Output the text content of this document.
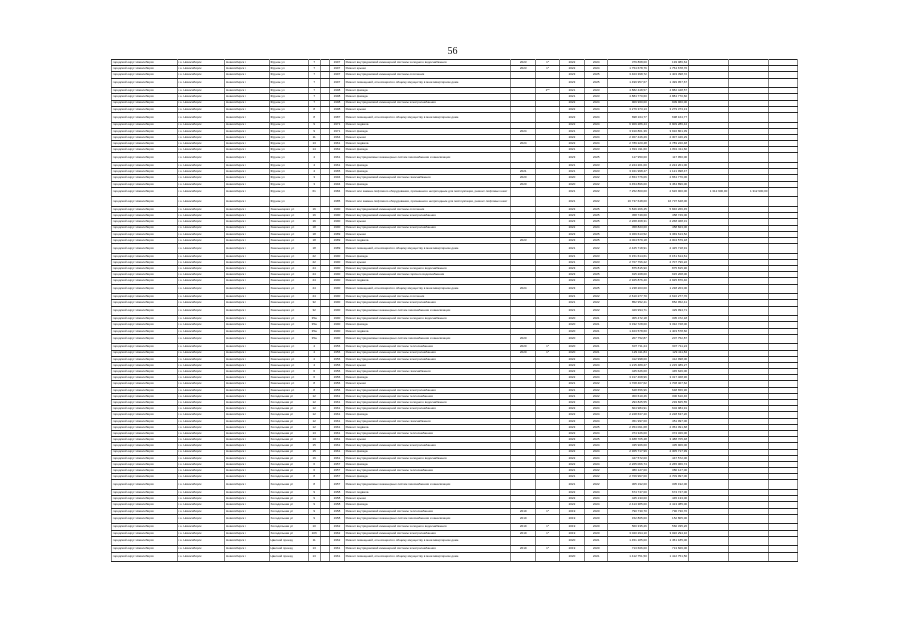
56
городской округ Новосибирск	г.о. Новосибирск	Новосибирск г	Фрунзе ул	7		1997	Ремонт внутридомовой инженерной системы холодного водоснабжения	2023	1*	2022	2024	379 868,00	193 086,64			
городской округ Новосибирск	г.о. Новосибирск	Новосибирск г	Фрунзе ул	7		1997	Ремонт крыши	2023	1*	2022	2024	1 754 678,76	1 754 678,76			
городской округ Новосибирск	г.о. Новосибирск	Новосибирск г	Фрунзе ул	7		1997	Ремонт внутридомовой инженерной системы отопления			2023	2025	3 403 398,72	1 403 398,72			
городской округ Новосибирск	г.о. Новосибирск	Новосибирск г	Фрунзе ул	7		1997	Ремонт помещений, относящихся к общему имуществу в многоквартирном доме			2023	2025	1 499 957,67	1 499 957,67			
городской округ Новосибирск	г.о. Новосибирск	Новосибирск г	Фрунзе ул	7		1998	Ремонт фасада		1**	2021	2023	4 882 448,57	4 882 448,57			
городской округ Новосибирск	г.о. Новосибирск	Новосибирск г	Фрунзе ул	7		1998	Ремонт фасада			2021	2023	4 884 770,60	4 884 770,60			
городской округ Новосибирск	г.о. Новосибирск	Новосибирск г	Фрунзе ул	7		1998	Ремонт внутридомовой инженерной системы электроснабжения			2022	2024	909 960,00	909 960,00			
городской округ Новосибирск	г.о. Новосибирск	Новосибирск г	Фрунзе ул	8		1998	Ремонт крыши			2022	2024	3 279 373,13	3 279 373,13			
городской округ Новосибирск	г.о. Новосибирск	Новосибирск г	Фрунзе ул	8		1987	Ремонт помещений, относящихся к общему имуществу в многоквартирном доме			2022	2024	698 164,77	698 164,77			
городской округ Новосибирск	г.о. Новосибирск	Новосибирск г	Фрунзе ул	9		1971	Ремонт подвала			2022	2024	6 909 286,44	6 909 286,44			
городской округ Новосибирск	г.о. Новосибирск	Новосибирск г	Фрунзе ул	9		1971	Ремонт фасада	2024		2021	2023	3 910 801,39	3 910 801,39			
городской округ Новосибирск	г.о. Новосибирск	Новосибирск г	Фрунзе ул	11		1964	Ремонт крыши			2022	2024	2 307 446,29	2 307 446,29			
городской округ Новосибирск	г.о. Новосибирск	Новосибирск г	Фрунзе ул	13		1961	Ремонт подвала	2024		2022	2024	2 789 220,48	2 789 220,48			
городской округ Новосибирск	г.о. Новосибирск	Новосибирск г	Фрунзе ул	14		1962	Ремонт фасада			2021	2023	1 891 311,60	1 891 311,60			
городской округ Новосибирск	г.о. Новосибирск	Новосибирск г	Фрунзе ул	4		1961	Ремонт внутридомовых инженерных систем газоснабжения и канализации			2023	2025	117 950,00	117 950,00			
городской округ Новосибирск	г.о. Новосибирск	Новосибирск г	Фрунзе ул	4		1961	Ремонт фасада			2021	2023	2 224 201,00	2 224 201,00			
городской округ Новосибирск	г.о. Новосибирск	Новосибирск г	Фрунзе ул	4		1965	Ремонт фасада	2021		2021	2023	3 321 998,47	1 121 998,47			
городской округ Новосибирск	г.о. Новосибирск	Новосибирск г	Фрунзе ул	3		1994	Ремонт внутридомовой инженерной системы газоснабжения	2020		2020	2022	2 654 776,06	2 654 776,06			
городской округ Новосибирск	г.о. Новосибирск	Новосибирск г	Фрунзе ул	3		1994	Ремонт фасада	2020		2020	2022	3 454 896,00	3 454 896,00			
городской округ Новосибирск	г.о. Новосибирск	Новосибирск г	Фрунзе ул	61		1984	Ремонт или замена лифтового оборудования, признанного непригодным для эксплуатации, ремонт лифтовых шахт			2021	2022	7 252 800,00	2 626 900,00	1 312 900,00	1 312 900,00	
городской округ Новосибирск	г.о. Новосибирск	Новосибирск г	Фрунзе ул			1985	Ремонт или замена лифтового оборудования, признанного непригодным для эксплуатации, ремонт лифтовых шахт			2021	2022	16 737 648,00	16 737 648,00			
городской округ Новосибирск	г.о. Новосибирск	Новосибирск г	Хмельницкого ул	16		1990	Ремонт внутридомовой инженерной системы отопления			2023	2025	5 846 266,45	5 846 266,45			
городской округ Новосибирск	г.о. Новосибирск	Новосибирск г	Хмельницкого ул	16		1990	Ремонт внутридомовой инженерной системы электроснабжения			2023	2025	458 749,00	458 749,00			
городской округ Новосибирск	г.о. Новосибирск	Новосибирск г	Хмельницкого ул	16		1990	Ремонт крыши			2023	2025	2 268 468,31	2 268 468,31			
городской округ Новосибирск	г.о. Новосибирск	Новосибирск г	Хмельницкого ул	18		1990	Ремонт внутридомовой инженерной системы электроснабжения			2022	2024	458 823,00	458 823,00			
городской округ Новосибирск	г.о. Новосибирск	Новосибирск г	Хмельницкого ул	18		1989	Ремонт крыши			2023	2025	3 369 613,52	3 369 613,52			
городской округ Новосибирск	г.о. Новосибирск	Новосибирск г	Хмельницкого ул	18		1989	Ремонт подвала	2023		2023	2025	4 004 579,18	4 004 579,18			
городской округ Новосибирск	г.о. Новосибирск	Новосибирск г	Хмельницкого ул	18		1989	Ремонт помещений, относящихся к общему имуществу в многоквартирном доме			2021	2022	2 425 718,91	2 425 718,91			
городской округ Новосибирск	г.о. Новосибирск	Новосибирск г	Хмельницкого ул	22		1990	Ремонт фасада			2021	2023	6 151 614,61	6 151 614,61			
городской округ Новосибирск	г.о. Новосибирск	Новосибирск г	Хмельницкого ул	22		1990	Ремонт крыши			2021	2023	2 707 796,22	2 707 796,22			
городской округ Новосибирск	г.о. Новосибирск	Новосибирск г	Хмельницкого ул	24		1990	Ремонт внутридомовой инженерной системы холодного водоснабжения			2023	2025	875 815,90	875 815,90			
городской округ Новосибирск	г.о. Новосибирск	Новосибирск г	Хмельницкого ул	24		1990	Ремонт внутридомовой инженерной системы горячего водоснабжения			2023	2025	915 208,00	915 208,00			
городской округ Новосибирск	г.о. Новосибирск	Новосибирск г	Хмельницкого ул	24		1990	Ремонт подвала			2022	2024	2 925 876,40	2 925 876,40			
городской округ Новосибирск	г.о. Новосибирск	Новосибирск г	Хмельницкого ул	24		1990	Ремонт помещений, относящихся к общему имуществу в многоквартирном доме	2024		2023	2025	1 238 203,00	1 238 203,00			
городской округ Новосибирск	г.о. Новосибирск	Новосибирск г	Хмельницкого ул	24		1990	Ремонт внутридомовой инженерной системы отопления			2021	2022	2 610 277,70	2 610 277,70			
городской округ Новосибирск	г.о. Новосибирск	Новосибирск г	Хмельницкого ул	32		1990	Ремонт внутридомовой инженерной системы электроснабжения			2021	2022	852 952,41	852 952,41			
городской округ Новосибирск	г.о. Новосибирск	Новосибирск г	Хмельницкого ул	32		1990	Ремонт внутридомовых инженерных систем газоснабжения и канализации			2021	2022	429 994,71	429 994,71			
городской округ Новосибирск	г.о. Новосибирск	Новосибирск г	Хмельницкого ул	35а		1990	Ремонт внутридомовой инженерной системы холодного водоснабжения			2020	2021	305 472,18	305 472,18			
городской округ Новосибирск	г.о. Новосибирск	Новосибирск г	Хмельницкого ул	35а		1990	Ремонт фасада			2020	2021	3 332 728,00	3 332 728,00			
городской округ Новосибирск	г.о. Новосибирск	Новосибирск г	Хмельницкого ул	35а		1990	Ремонт подвала			2020	2021	1 403 578,60	1 403 578,60			
городской округ Новосибирск	г.о. Новосибирск	Новосибирск г	Хмельницкого ул	35а		1990	Ремонт внутридомовых инженерных систем газоснабжения и канализации	2020		2020	2021	207 752,87	207 752,87			
городской округ Новосибирск	г.о. Новосибирск	Новосибирск г	Хмельницкого ул	4		1956	Ремонт внутридомовой инженерной системы теплоснабжения	2020	1*	2020	2021	607 711,24	607 711,24			
городской округ Новосибирск	г.о. Новосибирск	Новосибирск г	Хмельницкого ул	4		1956	Ремонт внутридомовой инженерной системы электроснабжения	2020	1*	2020	2021	129 411,84	129 411,84			
городской округ Новосибирск	г.о. Новосибирск	Новосибирск г	Хмельницкого ул	4		1956	Ремонт внутридомовой инженерной системы электроснабжения			2022	2024	412 998,00	412 998,00			
городской округ Новосибирск	г.о. Новосибирск	Новосибирск г	Хмельницкого ул	4		1956	Ремонт крыши			2022	2024	1 215 489,27	1 215 489,27			
городской округ Новосибирск	г.о. Новосибирск	Новосибирск г	Хмельницкого ул	6		1956	Ремонт внутридомовой инженерной системы газоснабжения			2022	2024	445 626,00	445 626,00			
городской округ Новосибирск	г.о. Новосибирск	Новосибирск г	Хмельницкого ул	6		1956	Ремонт фасада			2022	2024	3 317 468,96	3 317 468,96			
городской округ Новосибирск	г.о. Новосибирск	Новосибирск г	Хмельницкого ул	8		1956	Ремонт крыши			2021	2022	1 708 407,62	1 708 407,62			
городской округ Новосибирск	г.о. Новосибирск	Новосибирск г	Хмельницкого ул	8		1956	Ремонт внутридомовой инженерной системы электроснабжения			2021	2022	648 656,96	648 656,96			
городской округ Новосибирск	г.о. Новосибирск	Новосибирск г	Холодильная ул	12		1961	Ремонт внутридомовой инженерной системы теплоснабжения			2021	2022	300 610,46	300 610,46			
городской округ Новосибирск	г.о. Новосибирск	Новосибирск г	Холодильная ул	12		1961	Ремонт внутридомовой инженерной системы холодного водоснабжения			2022	2024	293 825,55	293 825,55			
городской округ Новосибирск	г.о. Новосибирск	Новосибирск г	Холодильная ул	12		1961	Ремонт внутридомовой инженерной системы электроснабжения			2022	2024	604 984,91	604 984,91			
городской округ Новосибирск	г.о. Новосибирск	Новосибирск г	Холодильная ул	12		1961	Ремонт фасада			2022	2024	2 228 637,20	2 228 637,20			
городской округ Новосибирск	г.о. Новосибирск	Новосибирск г	Холодильная ул	12		1961	Ремонт внутридомовой инженерной системы газоснабжения			2022	2024	451 997,00	451 997,00			
городской округ Новосибирск	г.о. Новосибирск	Новосибирск г	Холодильная ул	12		1961	Ремонт подвала			2023	2025	2 354 091,68	2 354 091,68			
городской округ Новосибирск	г.о. Новосибирск	Новосибирск г	Холодильная ул	13		1961	Ремонт внутридомовой инженерной системы теплоснабжения			2022	2024	374 326,00	374 326,00			
городской округ Новосибирск	г.о. Новосибирск	Новосибирск г	Холодильная ул	13		1961	Ремонт крыши			2023	2025	3 488 705,48	3 488 705,48			
городской округ Новосибирск	г.о. Новосибирск	Новосибирск г	Холодильная ул	15		1961	Ремонт внутридомовой инженерной системы электроснабжения			2022	2024	435 906,00	435 906,00			
городской округ Новосибирск	г.о. Новосибирск	Новосибирск г	Холодильная ул	15		1961	Ремонт фасада			2022	2024	2 305 717,99	2 305 717,99			
городской округ Новосибирск	г.о. Новосибирск	Новосибирск г	Холодильная ул	16		1961	Ремонт внутридомовой инженерной системы холодного водоснабжения			2022	2024	447 572,00	447 572,00			
городской округ Новосибирск	г.о. Новосибирск	Новосибирск г	Холодильная ул	6		1957	Ремонт фасада			2022	2024	2 265 066,74	2 265 066,74			
городской округ Новосибирск	г.о. Новосибирск	Новосибирск г	Холодильная ул	6		1957	Ремонт внутридомовой инженерной системы теплоснабжения			2021	2022	380 127,00	380 127,00			
городской округ Новосибирск	г.о. Новосибирск	Новосибирск г	Холодильная ул	8		1957	Ремонт фасада			2021	2022	2 709 997,00	2 709 997,00			
городской округ Новосибирск	г.о. Новосибирск	Новосибирск г	Холодильная ул	8		1957	Ремонт внутридомовых инженерных систем газоснабжения и канализации			2021	2022	305 192,00	305 192,00			
городской округ Новосибирск	г.о. Новосибирск	Новосибирск г	Холодильная ул	9		1958	Ремонт подвала			2022	2024	674 747,00	674 747,00			
городской округ Новосибирск	г.о. Новосибирск	Новосибирск г	Холодильная ул	9		1958	Ремонт крыши			2022	2024	445 133,00	445 133,00			
городской округ Новосибирск	г.о. Новосибирск	Новосибирск г	Холодильная ул	9		1958	Ремонт фасада			2022	2024	2 413 385,00	2 413 385,00			
городской округ Новосибирск	г.о. Новосибирск	Новосибирск г	Холодильная ул	9		1958	Ремонт внутридомовой инженерной системы теплоснабжения	2019	1*	2019	2020	790 730,70	790 730,70			
городской округ Новосибирск	г.о. Новосибирск	Новосибирск г	Холодильная ул	9		1958	Ремонт внутридомовых инженерных систем газоснабжения и канализации	2019		2019	2020	152 805,00	152 805,00			
городской округ Новосибирск	г.о. Новосибирск	Новосибирск г	Холодильная ул	10		1962	Ремонт внутридомовой инженерной системы холодного водоснабжения	2019	1*	2019	2020	560 335,26	560 335,26			
городской округ Новосибирск	г.о. Новосибирск	Новосибирск г	Холодильная ул	10б		1962	Ремонт внутридомовой инженерной системы электроснабжения	2019	1*	2019	2020	3 020 294,10	3 020 294,10			
городской округ Новосибирск	г.о. Новосибирск	Новосибирск г	Цветной проезд	11		1962	Ремонт помещений, относящихся к общему имуществу в многоквартирном доме			2020	2021	1 451 185,00	1 451 185,00			
городской округ Новосибирск	г.о. Новосибирск	Новосибирск г	Цветной проезд	13		1961	Ремонт внутридомовой инженерной системы электроснабжения	2019	1*	2019	2020	713 606,00	713 606,00			
городской округ Новосибирск	г.о. Новосибирск	Новосибирск г	Цветной проезд	13		1961	Ремонт помещений, относящихся к общему имуществу в многоквартирном доме			2020	2021	1 412 751,50	1 412 751,50			
